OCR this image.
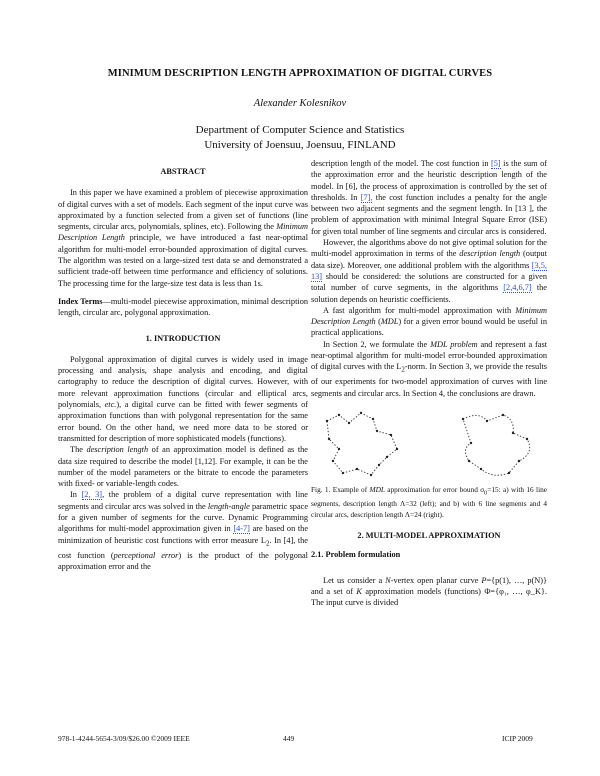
MINIMUM DESCRIPTION LENGTH APPROXIMATION OF DIGITAL CURVES
Alexander Kolesnikov
Department of Computer Science and Statistics
University of Joensuu, Joensuu, FINLAND
ABSTRACT

In this paper we have examined a problem of piecewise approximation of digital curves with a set of models. Each segment of the input curve was approximated by a function selected from a given set of functions (line segments, circular arcs, polynomials, splines, etc). Following the Minimum Description Length principle, we have introduced a fast near-optimal algorithm for multi-model error-bounded approximation of digital curves. The algorithm was tested on a large-sized test data se and demonstrated a sufficient trade-off between time performance and efficiency of solutions. The processing time for the large-size test data is less than 1s.

Index Terms—multi-model piecewise approximation, minimal description length, circular arc, polygonal approximation.

1. INTRODUCTION

Polygonal approximation of digital curves is widely used in image processing and analysis, shape analysis and encoding, and digital cartography to reduce the description of digital curves. However, with more relevant approximation functions (circular and elliptical arcs, polynomials, etc.), a digital curve can be fitted with fewer segments of approximation functions than with polygonal representation for the same error bound. On the other hand, we need more data to be stored or transmitted for description of more sophisticated models (functions).

The description length of an approximation model is defined as the data size required to describe the model [1,12]. For example, it can be the number of the model parameters or the bitrate to encode the parameters with fixed- or variable-length codes.

In [2, 3], the problem of a digital curve representation with line segments and circular arcs was solved in the length-angle parametric space for a given number of segments for the curve. Dynamic Programming algorithms for multi-model approximation given in [4-7] are based on the minimization of heuristic cost functions with error measure $L_2$. In [4], the cost function (perceptional error) is the product of the polygonal approximation error and the

description length of the model. The cost function in [5] is the sum of the approximation error and the heuristic description length of the model. In [6], the process of approximation is controlled by the set of thresholds. In [7], the cost function includes a penalty for the angle between two adjacent segments and the segment length. In [13 ], the problem of approximation with minimal Integral Square Error (ISE) for given total number of line segments and circular arcs is considered.

However, the algorithms above do not give optimal solution for the multi-model approximation in terms of the description length (output data size). Moreover, one additional problem with the algorithms [3,5, 13] should be considered: the solutions are constructed for a given total number of curve segments, in the algorithms [2,4,6,7] the solution depends on heuristic coefficients.

A fast algorithm for multi-model approximation with Minimum Description Length (MDL) for a given error bound would be useful in practical applications.

In Section 2, we formulate the MDL problem and represent a fast near-optimal algorithm for multi-model error-bounded approximation of digital curves with the $L_2$-norm. In Section 3, we provide the results of our experiments for two-model approximation of curves with line segments and circular arcs. In Section 4, the conclusions are drawn.

Fig. 1. Example of MDL approximation for error bound $\sigma_0=15$: a) with 16 line segments, description length Λ=32 (left); and b) with 6 line segments and 4 circular arcs, description length Λ=24 (right).
2. MULTI-MODEL APPROXIMATION
2.1. Problem formulation

Let us consider a N-vertex open planar curve P={p(1), …, p(N)} and a set of K approximation models (functions) Φ={φ₁, …, φ_K}. The input curve is divided

978-1-4244-5654-3/09/$26.00 ©2009 IEEE	449	ICIP 2009
